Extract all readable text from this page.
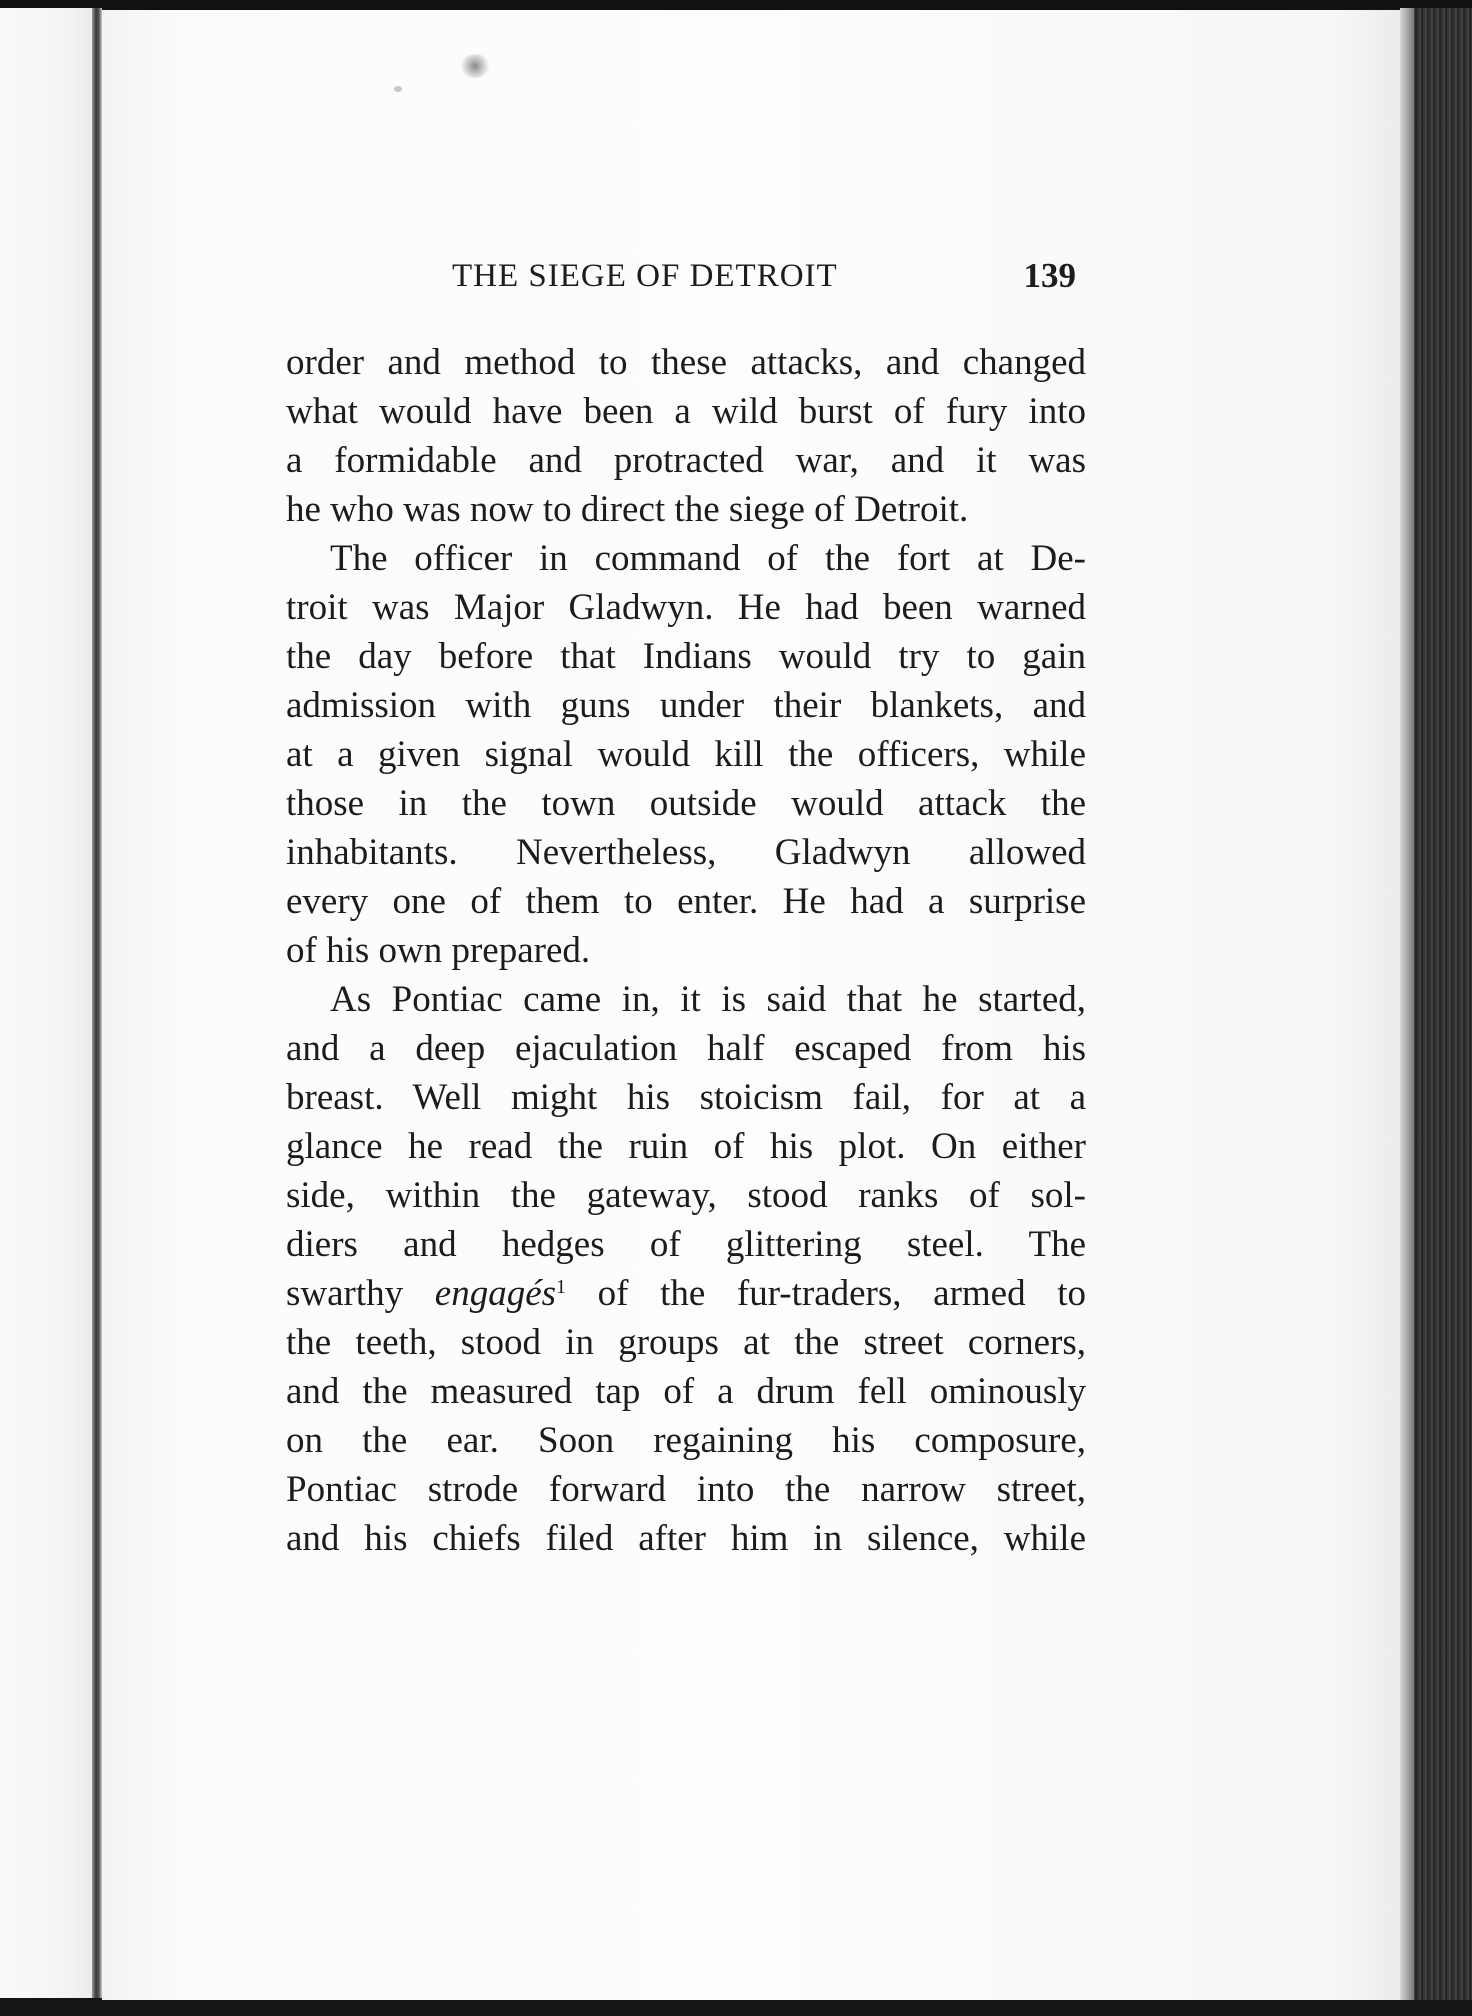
THE SIEGE OF DETROIT	139
order and method to these attacks, and changed
what would have been a wild burst of fury into
a formidable and protracted war, and it was
he who was now to direct the siege of Detroit.
The officer in command of the fort at De-
troit was Major Gladwyn. He had been warned
the day before that Indians would try to gain
admission with guns under their blankets, and
at a given signal would kill the officers, while
those in the town outside would attack the
inhabitants. Nevertheless, Gladwyn allowed
every one of them to enter. He had a surprise
of his own prepared.
As Pontiac came in, it is said that he started,
and a deep ejaculation half escaped from his
breast. Well might his stoicism fail, for at a
glance he read the ruin of his plot. On either
side, within the gateway, stood ranks of sol-
diers and hedges of glittering steel. The
swarthy engagés$^1$ of the fur-traders, armed to
the teeth, stood in groups at the street corners,
and the measured tap of a drum fell ominously
on the ear. Soon regaining his composure,
Pontiac strode forward into the narrow street,
and his chiefs filed after him in silence, while
